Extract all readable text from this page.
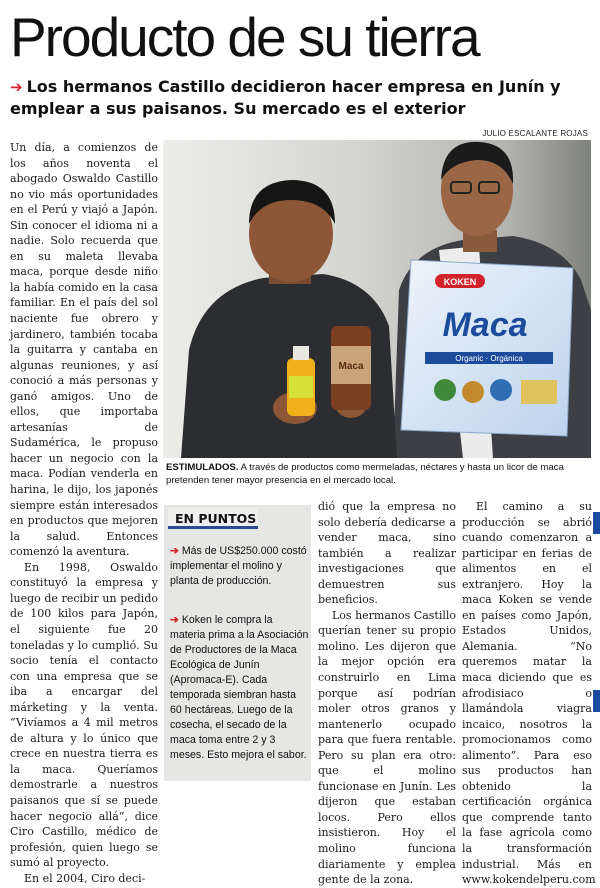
Producto de su tierra
➔ Los hermanos Castillo decidieron hacer empresa en Junín y emplear a sus paisanos. Su mercado es el exterior
JULIO ESCALANTE ROJAS

Un día, a comienzos de los años noventa el abogado Oswaldo Castillo no vio más oportunidades en el Perú y viajó a Japón. Sin conocer el idioma ni a nadie. Solo recuerda que en su maleta llevaba maca, porque desde niño la había comido en la casa familiar. En el país del sol naciente fue obrero y jardinero, también tocaba la guitarra y cantaba en algunas reuniones, y así conoció a más personas y ganó amigos. Uno de ellos, que importaba artesanías de Sudamérica, le propuso hacer un negocio con la maca. Podían venderla en harina, le dijo, los japonés siempre están interesados en productos que mejoren la salud. Entonces comenzó la aventura.

En 1998, Oswaldo constituyó la empresa y luego de recibir un pedido de 100 kilos para Japón, el siguiente fue 20 toneladas y lo cumplió. Su socio tenía el contacto con una empresa que se iba a encargar del márketing y la venta. “Vivíamos a 4 mil metros de altura y lo único que crece en nuestra tierra es la maca. Queríamos demostrarle a nuestros paisanos que sí se puede hacer negocio allá”, dice Ciro Castillo, médico de profesión, quien luego se sumó al proyecto.

En el 2004, Ciro deci-

Maca
KOKEN
Maca
Organic · Orgánica
ESTIMULADOS. A través de productos como mermeladas, néctares y hasta un licor de maca pretenden tener mayor presencia en el mercado local.
EN PUNTOS
➔ Más de US$250.000 costó implementar el molino y planta de producción.
➔ Koken le compra la materia prima a la Asociación de Productores de la Maca Ecológica de Junín (Apromaca-E). Cada temporada siembran hasta 60 hectáreas. Luego de la cosecha, el secado de la maca toma entre 2 y 3 meses. Esto mejora el sabor.

dió que la empresa no solo debería dedicarse a vender maca, sino también a realizar investigaciones que demuestren sus beneficios.

Los hermanos Castillo querían tener su propio molino. Les dijeron que la mejor opción era construirlo en Lima porque así podrían moler otros granos y mantenerlo ocupado para que fuera rentable. Pero su plan era otro: que el molino funcionase en Junín. Les dijeron que estaban locos. Pero ellos insistieron. Hoy el molino funciona diariamente y emplea gente de la zona.

El camino a su producción se abrió cuando comenzaron a participar en ferias de alimentos en el extranjero. Hoy la maca Koken se vende en países como Japón, Estados Unidos, Alemania. “No queremos matar la maca diciendo que es afrodisiaco o llamándola viagra incaico, nosotros la promocionamos como alimento”. Para eso sus productos han obtenido la certificación orgánica que comprende tanto la fase agrícola como la transformación industrial. Más en www.kokendelperu.com
